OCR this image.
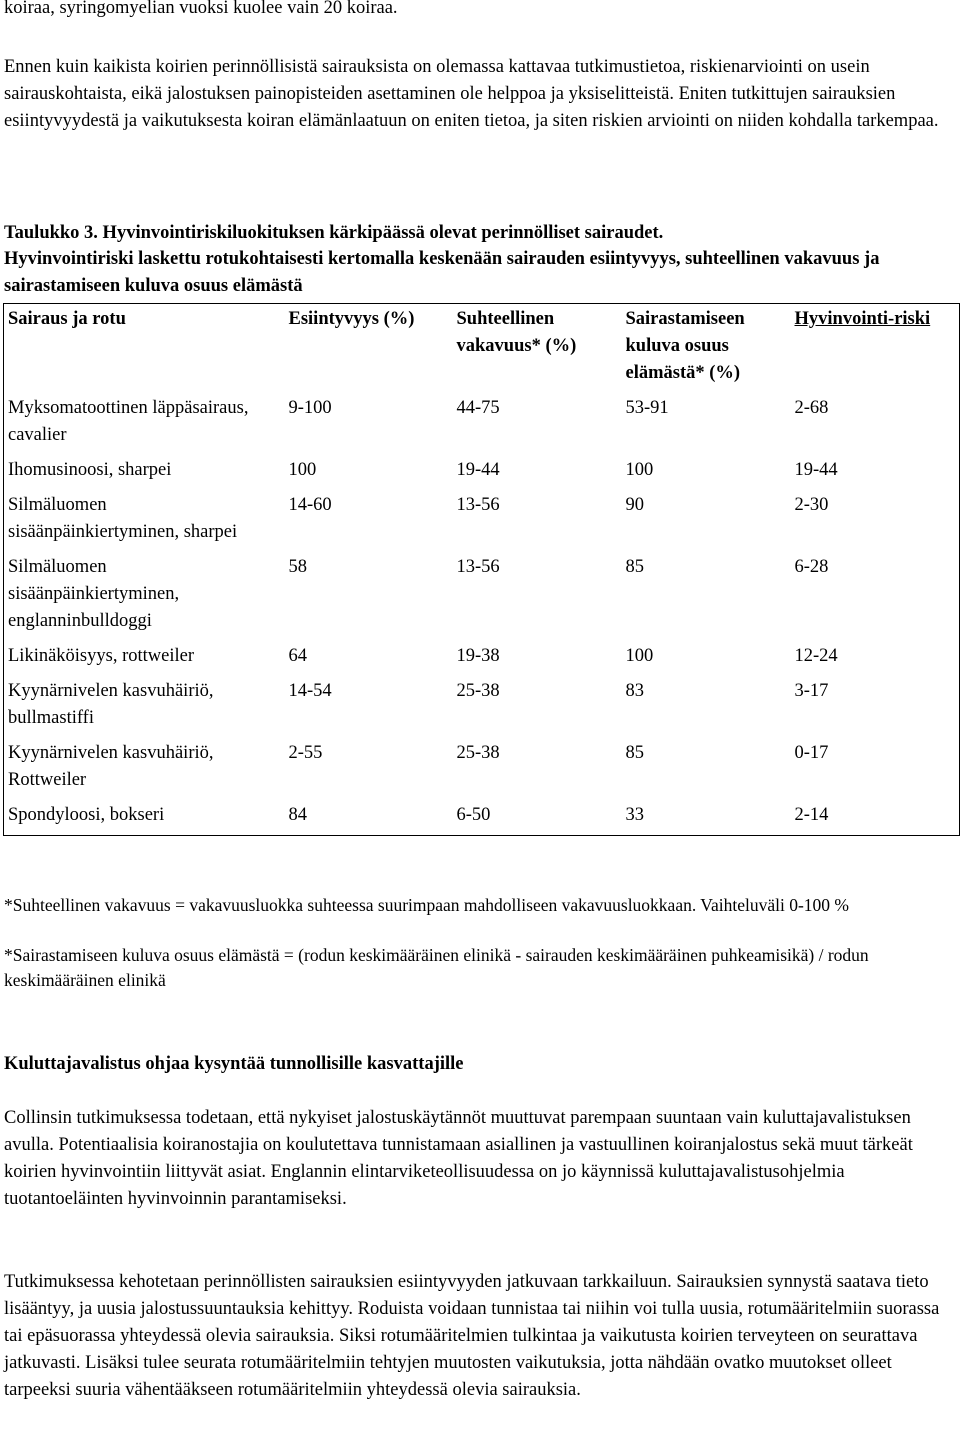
koiraa, syringomyelian vuoksi kuolee vain 20 koiraa.

Ennen kuin kaikista koirien perinnöllisistä sairauksista on olemassa kattavaa tutkimustietoa, riskienarviointi on usein sairauskohtaista, eikä jalostuksen painopisteiden asettaminen ole helppoa ja yksiselitteistä. Eniten tutkittujen sairauksien esiintyvyydestä ja vaikutuksesta koiran elämänlaatuun on eniten tietoa, ja siten riskien arviointi on niiden kohdalla tarkempaa.

Taulukko 3. Hyvinvointiriskiluokituksen kärkipäässä olevat perinnölliset sairaudet.

Hyvinvointiriski laskettu rotukohtaisesti kertomalla keskenään sairauden esiintyvyys, suhteellinen vakavuus ja sairastamiseen kuluva osuus elämästä

Sairaus ja rotu	Esiintyvyys (%)	Suhteellinen vakavuus* (%)	Sairastamiseen kuluva osuus elämästä* (%)	Hyvinvointi-riski
Myksomatoottinen läppäsairaus, cavalier	9-100	44-75	53-91	2-68
Ihomusinoosi, sharpei	100	19-44	100	19-44
Silmäluomen sisäänpäinkiertyminen, sharpei	14-60	13-56	90	2-30
Silmäluomen sisäänpäinkiertyminen, englanninbulldoggi	58	13-56	85	6-28
Likinäköisyys, rottweiler	64	19-38	100	12-24
Kyynärnivelen kasvuhäiriö, bullmastiffi	14-54	25-38	83	3-17
Kyynärnivelen kasvuhäiriö, Rottweiler	2-55	25-38	85	0-17
Spondyloosi, bokseri	84	6-50	33	2-14

*Suhteellinen vakavuus = vakavuusluokka suhteessa suurimpaan mahdolliseen vakavuusluokkaan. Vaihteluväli 0-100 %

*Sairastamiseen kuluva osuus elämästä = (rodun keskimääräinen elinikä - sairauden keskimääräinen puhkeamisikä) / rodun keskimääräinen elinikä

Kuluttajavalistus ohjaa kysyntää tunnollisille kasvattajille

Collinsin tutkimuksessa todetaan, että nykyiset jalostuskäytännöt muuttuvat parempaan suuntaan vain kuluttajavalistuksen avulla. Potentiaalisia koiranostajia on koulutettava tunnistamaan asiallinen ja vastuullinen koiranjalostus sekä muut tärkeät koirien hyvinvointiin liittyvät asiat. Englannin elintarviketeollisuudessa on jo käynnissä kuluttajavalistusohjelmia tuotantoeläinten hyvinvoinnin parantamiseksi.

Tutkimuksessa kehotetaan perinnöllisten sairauksien esiintyvyyden jatkuvaan tarkkailuun. Sairauksien synnystä saatava tieto lisääntyy, ja uusia jalostussuuntauksia kehittyy. Roduista voidaan tunnistaa tai niihin voi tulla uusia, rotumääritelmiin suorassa tai epäsuorassa yhteydessä olevia sairauksia. Siksi rotumääritelmien tulkintaa ja vaikutusta koirien terveyteen on seurattava jatkuvasti. Lisäksi tulee seurata rotumääritelmiin tehtyjen muutosten vaikutuksia, jotta nähdään ovatko muutokset olleet tarpeeksi suuria vähentääkseen rotumääritelmiin yhteydessä olevia sairauksia.
